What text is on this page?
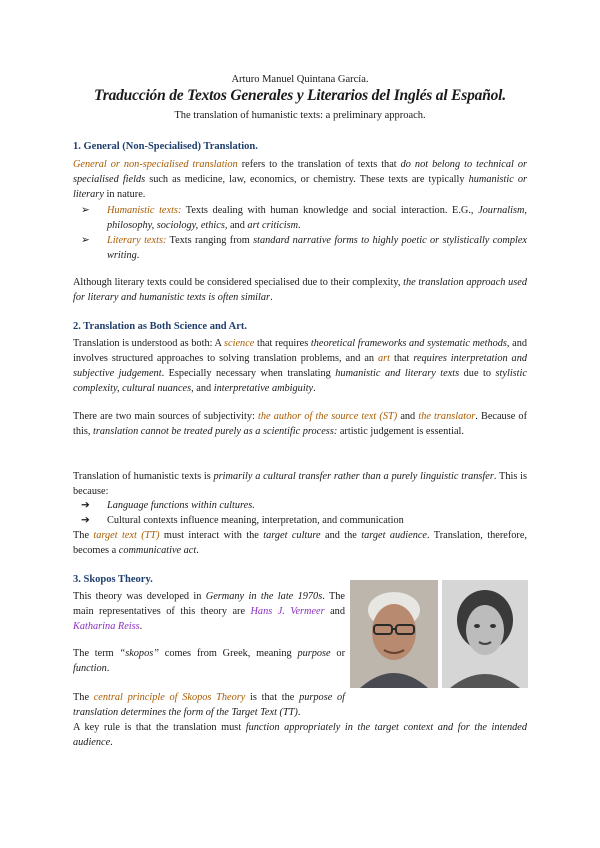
Arturo Manuel Quintana García.
Traducción de Textos Generales y Literarios del Inglés al Español.
The translation of humanistic texts: a preliminary approach.
1. General (Non-Specialised) Translation.
General or non-specialised translation refers to the translation of texts that do not belong to technical or specialised fields such as medicine, law, economics, or chemistry. These texts are typically humanistic or literary in nature.
➢ Humanistic texts: Texts dealing with human knowledge and social interaction. E.G., Journalism, philosophy, sociology, ethics, and art criticism.
➢ Literary texts: Texts ranging from standard narrative forms to highly poetic or stylistically complex writing.
Although literary texts could be considered specialised due to their complexity, the translation approach used for literary and humanistic texts is often similar.
2. Translation as Both Science and Art.
Translation is understood as both: A science that requires theoretical frameworks and systematic methods, and involves structured approaches to solving translation problems, and an art that requires interpretation and subjective judgement. Especially necessary when translating humanistic and literary texts due to stylistic complexity, cultural nuances, and interpretative ambiguity.
There are two main sources of subjectivity: the author of the source text (ST) and the translator. Because of this, translation cannot be treated purely as a scientific process: artistic judgement is essential.
Translation of humanistic texts is primarily a cultural transfer rather than a purely linguistic transfer. This is because:
➔ Language functions within cultures.
➔ Cultural contexts influence meaning, interpretation, and communication
The target text (TT) must interact with the target culture and the target audience. Translation, therefore, becomes a communicative act.
3. Skopos Theory.
This theory was developed in Germany in the late 1970s. The main representatives of this theory are Hans J. Vermeer and Katharina Reiss.
The term “skopos” comes from Greek, meaning purpose or function.
The central principle of Skopos Theory is that the purpose of translation determines the form of the Target Text (TT).
A key rule is that the translation must function appropriately in the target context and for the intended audience.
